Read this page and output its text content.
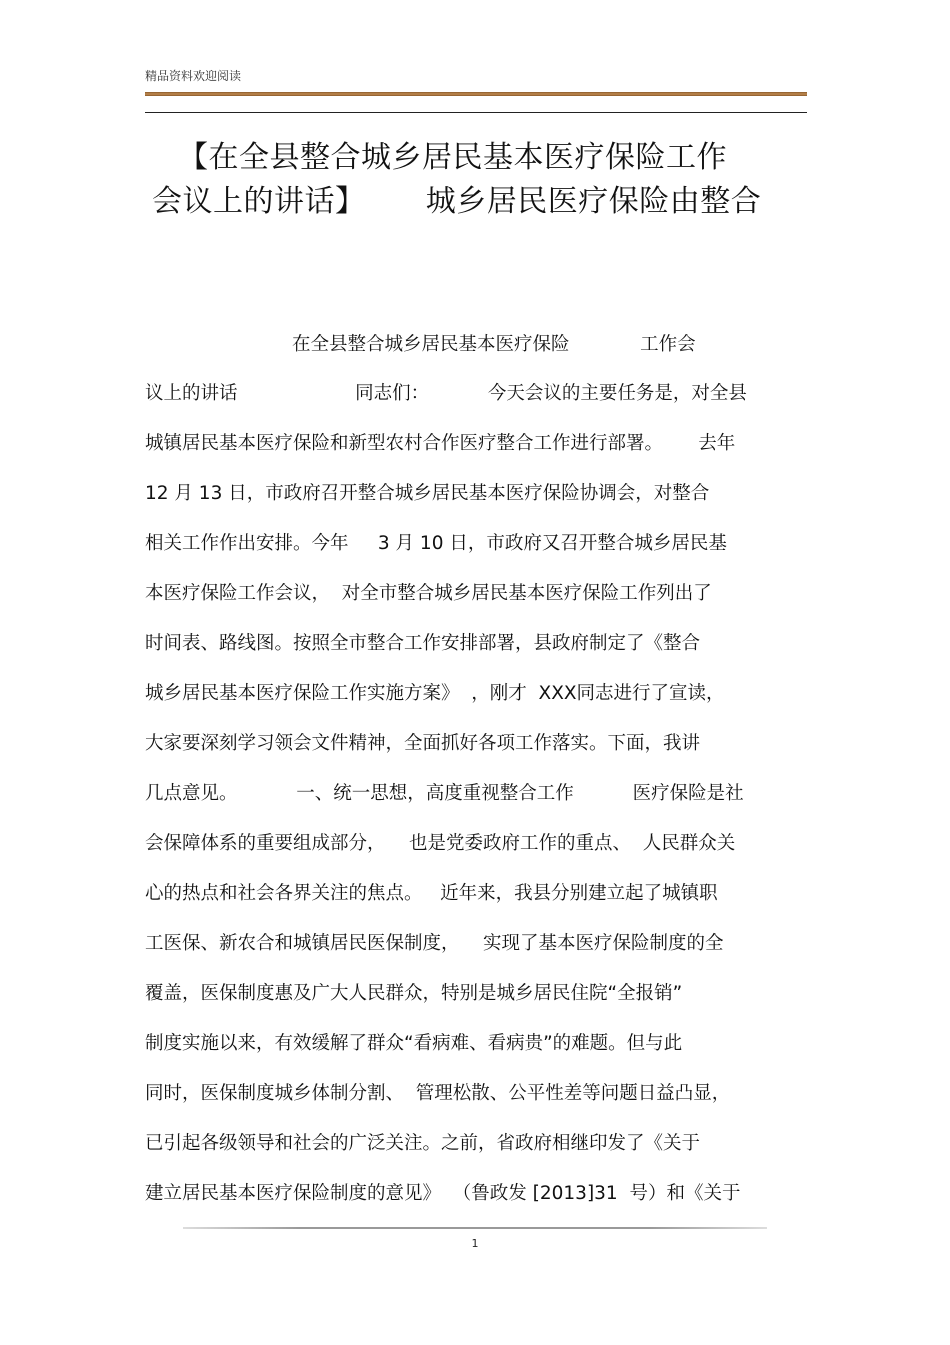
精品资料欢迎阅读
【在全县整合城乡居民基本医疗保险工作
会议上的讲话】      城乡居民医疗保险由整合
在全县整合城乡居民基本医疗保险            工作会
议上的讲话                    同志们：          今天会议的主要任务是，对全县
城镇居民基本医疗保险和新型农村合作医疗整合工作进行部署。      去年
12 月 13 日，市政府召开整合城乡居民基本医疗保险协调会，对整合
相关工作作出安排。今年     3 月 10 日，市政府又召开整合城乡居民基
本医疗保险工作会议，  对全市整合城乡居民基本医疗保险工作列出了
时间表、路线图。按照全市整合工作安排部署，县政府制定了《整合
城乡居民基本医疗保险工作实施方案》  ，刚才  XXX同志进行了宣读，
大家要深刻学习领会文件精神，全面抓好各项工作落实。下面，我讲
几点意见。          一、统一思想，高度重视整合工作          医疗保险是社
会保障体系的重要组成部分，    也是党委政府工作的重点、  人民群众关
心的热点和社会各界关注的焦点。   近年来，我县分别建立起了城镇职
工医保、新农合和城镇居民医保制度，    实现了基本医疗保险制度的全
覆盖，医保制度惠及广大人民群众，特别是城乡居民住院“全报销”
制度实施以来，有效缓解了群众“看病难、看病贵”的难题。但与此
同时，医保制度城乡体制分割、  管理松散、公平性差等问题日益凸显，
已引起各级领导和社会的广泛关注。之前，省政府相继印发了《关于
建立居民基本医疗保险制度的意见》  （鲁政发 [2013]31  号）和《关于
1
